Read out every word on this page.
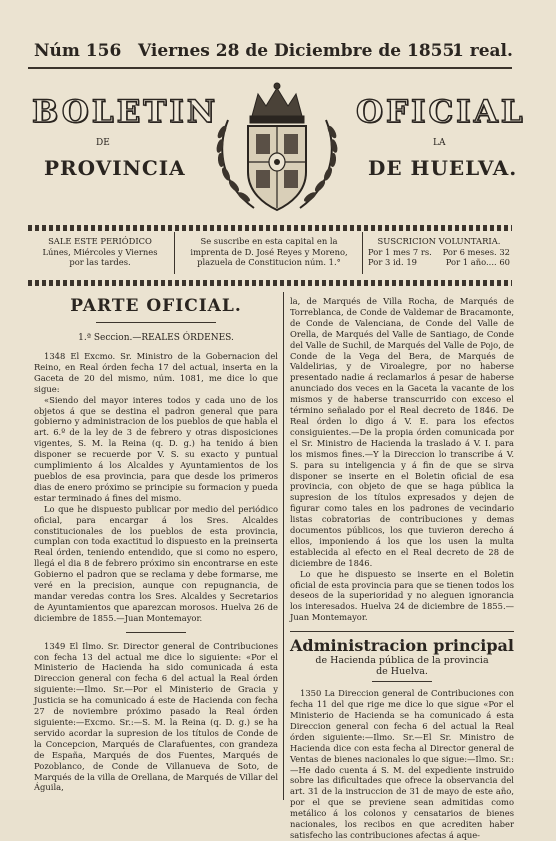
Núm 156 Viernes 28 de Diciembre de 1855.
1 real.
BOLETIN	OFICIAL
DE	LA
PROVINCIA	DE HUELVA.
SALE ESTE PERIÓDICO
Lúnes, Miércoles y Viernes
por las tardes.
Se suscribe en esta capital en la
imprenta de D. José Reyes y Moreno,
plazuela de Constitucion núm. 1.°
SUSCRICION VOLUNTARIA.
Por 1 mes 7 rs. Por 6 meses. 32
Por 3 id. 19	Por 1 año.... 60
PARTE OFICIAL.
1.ª Seccion.—REALES ÓRDENES.

1348 El Excmo. Sr. Ministro de la Gobernacion del Reino, en Real órden fecha 17 del actual, inserta en la Gaceta de 20 del mismo, núm. 1081, me dice lo que sigue:

«Siendo del mayor interes todos y cada uno de los objetos á que se destina el padron general que para gobierno y administracion de los pueblos de que habla el art. 6.º de la ley de 3 de febrero y otras disposiciones vigentes, S. M. la Reina (q. D. g.) ha tenido á bien disponer se recuerde por V. S. su exacto y puntual cumplimiento á los Alcaldes y Ayuntamientos de los pueblos de esa provincia, para que desde los primeros dias de enero próximo se principie su formacion y pueda estar terminado á fines del mismo.

Lo que he dispuesto publicar por medio del periódico oficial, para encargar á los Sres. Alcaldes constitucionales de los pueblos de esta provincia, cumplan con toda exactitud lo dispuesto en la preinserta Real órden, teniendo entendido, que si como no espero, llegá el dia 8 de febrero próximo sin encontrarse en este Gobierno el padron que se reclama y debe formarse, me veré en la precision, aunque con repugnancia, de mandar veredas contra los Sres. Alcaldes y Secretarios de Ayuntamientos que aparezcan morosos. Huelva 26 de diciembre de 1855.—Juan Montemayor.

1349 El Ilmo. Sr. Director general de Contribuciones con fecha 13 del actual me dice lo siguiente: «Por el Ministerio de Hacienda ha sido comunicada á esta Direccion general con fecha 6 del actual la Real órden siguiente:—Ilmo. Sr.—Por el Ministerio de Gracia y Justicia se ha comunicado á este de Hacienda con fecha 27 de noviembre próximo pasado la Real órden siguiente:—Excmo. Sr.:—S. M. la Reina (q. D. g.) se ha servido acordar la supresion de los títulos de Conde de la Concepcion, Marqués de Clarafuentes, con grandeza de España, Marqués de dos Fuentes, Marqués de Pozoblanco, de Conde de Villanueva de Soto, de Marqués de la villa de Orellana, de Marqués de Villar del Águila,

la, de Marqués de Villa Rocha, de Marqués de Torreblanca, de Conde de Valdemar de Bracamonte, de Conde de Valenciana, de Conde del Valle de Orella, de Marqués del Valle de Santiago, de Conde del Valle de Suchil, de Marqués del Valle de Pojo, de Conde de la Vega del Bera, de Marqués de Valdelirias, y de Viroalegre, por no haberse presentado nadie á reclamarlos á pesar de haberse anunciado dos veces en la Gaceta la vacante de los mismos y de haberse transcurrido con exceso el término señalado por el Real decreto de 1846. De Real órden lo digo á V. E. para los efectos consiguientes.—De la propia órden comunicada por el Sr. Ministro de Hacienda la traslado á V. I. para los mismos fines.—Y la Direccion lo transcribe á V. S. para su inteligencia y á fin de que se sirva disponer se inserte en el Boletin oficial de esa provincia, con objeto de que se haga pública la supresion de los títulos expresados y dejen de figurar como tales en los padrones de vecindario listas cobratorias de contribuciones y demas documentos públicos, los que tuvieron derecho á ellos, imponiendo á los que los usen la multa establecida al efecto en el Real decreto de 28 de diciembre de 1846.

Lo que he dispuesto se inserte en el Boletin oficial de esta provincia para que se tienen todos los deseos de la superioridad y no aleguen ignorancia los interesados. Huelva 24 de diciembre de 1855.—Juan Montemayor.

Administracion principal
de Hacienda pública de la provincia
de Huelva.

1350 La Direccion general de Contribuciones con fecha 11 del que rige me dice lo que sigue «Por el Ministerio de Hacienda se ha comunicado á esta Direccion general con fecha 6 del actual la Real órden siguiente:—Ilmo. Sr.—El Sr. Ministro de Hacienda dice con esta fecha al Director general de Ventas de bienes nacionales lo que sigue:—Ilmo. Sr.:—He dado cuenta á S. M. del expediente instruido sobre las dificultades que ofrece la observancia del art. 31 de la instruccion de 31 de mayo de este año, por el que se previene sean admitidas como metálico á los colonos y censatarios de bienes nacionales, los recibos en que acrediten haber satisfecho las contribuciones afectas á aque-
